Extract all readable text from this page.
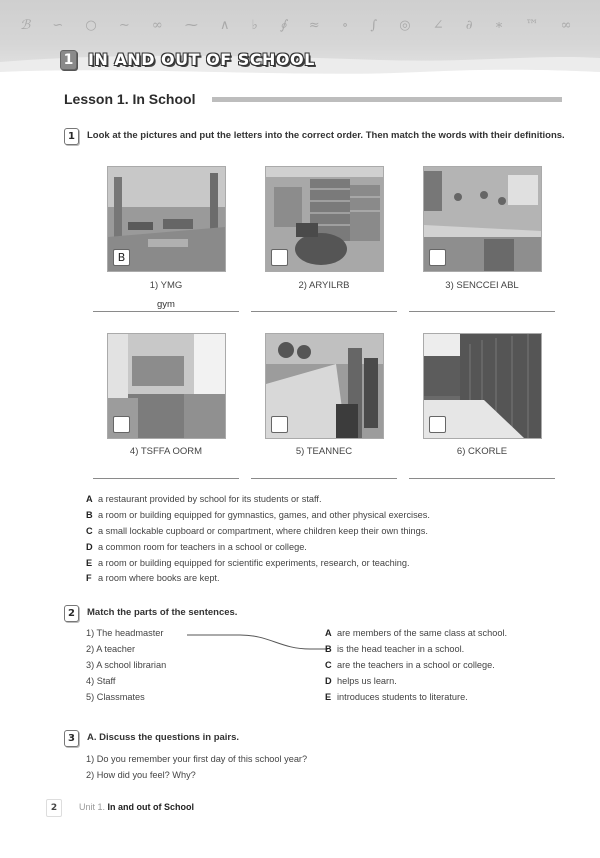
ℬ ∽ ○ ∼ ∞ ⁓ ∧ ♭ ∮ ≈ ∘ ∫ ◎ ∠ ∂ ∗ ™ ∞
1 IN AND OUT OF SCHOOL
Lesson 1. In School
1	Look at the pictures and put the letters into the correct order. Then match the words with their definitions.
B
1) YMG	2) ARYILRB	3) SENCCEI ABL
gym
4) TSFFA OORM	5) TEANNEC	6) CKORLE
A a restaurant provided by school for its students or staff.
B a room or building equipped for gymnastics, games, and other physical exercises.
C a small lockable cupboard or compartment, where children keep their own things.
D a common room for teachers in a school or college.
E a room or building equipped for scientific experiments, research, or teaching.
F a room where books are kept.
2	Match the parts of the sentences.
1) The headmaster
2) A teacher
3) A school librarian
4) Staff
5) Classmates
A are members of the same class at school.
B is the head teacher in a school.
C are the teachers in a school or college.
D helps us learn.
E introduces students to literature.
3	A. Discuss the questions in pairs.
1) Do you remember your first day of this school year?
2) How did you feel? Why?
2	Unit 1. In and out of School
